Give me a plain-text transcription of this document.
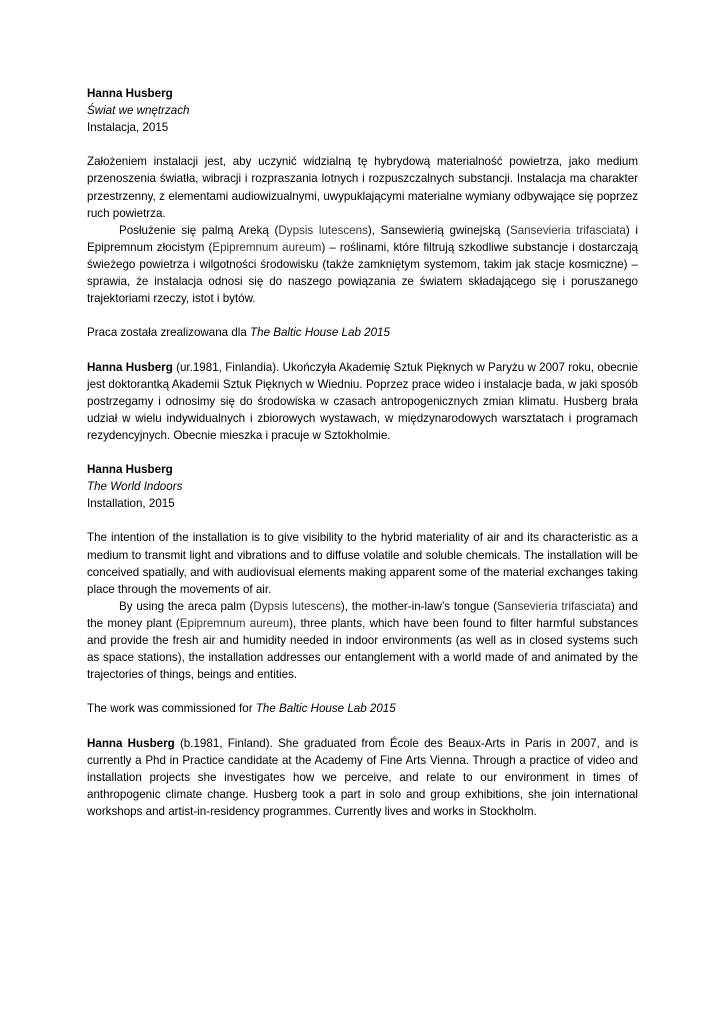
Hanna Husberg
Świat we wnętrzach
Instalacja, 2015

Założeniem instalacji jest, aby uczynić widzialną tę hybrydową materialność powietrza, jako medium przenoszenia światła, wibracji i rozpraszania lotnych i rozpuszczalnych substancji. Instalacja ma charakter przestrzenny, z elementami audiowizualnymi, uwypuklającymi materialne wymiany odbywające się poprzez ruch powietrza.

Posłużenie się palmą Areką (Dypsis lutescens), Sansewierią gwinejską (Sansevieria trifasciata) i Epipremnum złocistym (Epipremnum aureum) – roślinami, które filtrują szkodliwe substancje i dostarczają świeżego powietrza i wilgotności środowisku (także zamkniętym systemom, takim jak stacje kosmiczne) – sprawia, że instalacja odnosi się do naszego powiązania ze światem składającego się i poruszanego trajektoriami rzeczy, istot i bytów.

Praca została zrealizowana dla The Baltic House Lab 2015

Hanna Husberg (ur.1981, Finlandia). Ukończyła Akademię Sztuk Pięknych w Paryżu w 2007 roku, obecnie jest doktorantką Akademii Sztuk Pięknych w Wiedniu. Poprzez prace wideo i instalacje bada, w jaki sposób postrzegamy i odnosimy się do środowiska w czasach antropogenicznych zmian klimatu. Husberg brała udział w wielu indywidualnych i zbiorowych wystawach, w międzynarodowych warsztatach i programach rezydencyjnych. Obecnie mieszka i pracuje w Sztokholmie.

Hanna Husberg
The World Indoors
Installation, 2015

The intention of the installation is to give visibility to the hybrid materiality of air and its characteristic as a medium to transmit light and vibrations and to diffuse volatile and soluble chemicals. The installation will be conceived spatially, and with audiovisual elements making apparent some of the material exchanges taking place through the movements of air.

By using the areca palm (Dypsis lutescens), the mother-in-law’s tongue (Sansevieria trifasciata) and the money plant (Epipremnum aureum), three plants, which have been found to filter harmful substances and provide the fresh air and humidity needed in indoor environments (as well as in closed systems such as space stations), the installation addresses our entanglement with a world made of and animated by the trajectories of things, beings and entities.

The work was commissioned for The Baltic House Lab 2015

Hanna Husberg (b.1981, Finland). She graduated from École des Beaux-Arts in Paris in 2007, and is currently a Phd in Practice candidate at the Academy of Fine Arts Vienna. Through a practice of video and installation projects she investigates how we perceive, and relate to our environment in times of anthropogenic climate change. Husberg took a part in solo and group exhibitions, she join international workshops and artist-in-residency programmes. Currently lives and works in Stockholm.
